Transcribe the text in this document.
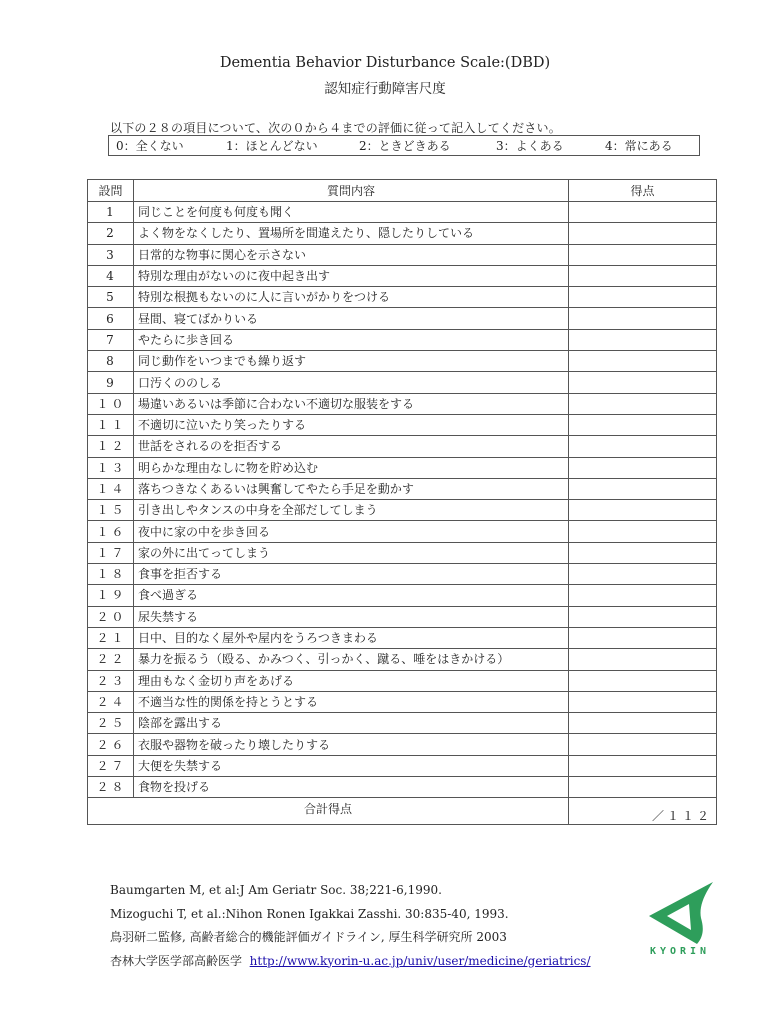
Dementia Behavior Disturbance Scale:(DBD)
認知症行動障害尺度
以下の２８の項目について、次の０から４までの評価に従って記入してください。
0：全くない	1：ほとんどない	2：ときどきある	3：よくある	4：常にある
設問	質問内容	得点
1	同じことを何度も何度も聞く	
2	よく物をなくしたり、置場所を間違えたり、隠したりしている	
3	日常的な物事に関心を示さない	
4	特別な理由がないのに夜中起き出す	
5	特別な根拠もないのに人に言いがかりをつける	
6	昼間、寝てばかりいる	
7	やたらに歩き回る	
8	同じ動作をいつまでも繰り返す	
9	口汚くののしる	
１０	場違いあるいは季節に合わない不適切な服装をする	
１１	不適切に泣いたり笑ったりする	
１２	世話をされるのを拒否する	
１３	明らかな理由なしに物を貯め込む	
１４	落ちつきなくあるいは興奮してやたら手足を動かす	
１５	引き出しやタンスの中身を全部だしてしまう	
１６	夜中に家の中を歩き回る	
１７	家の外に出てってしまう	
１８	食事を拒否する	
１９	食べ過ぎる	
２０	尿失禁する	
２１	日中、目的なく屋外や屋内をうろつきまわる	
２２	暴力を振るう（殴る、かみつく、引っかく、蹴る、唾をはきかける）	
２３	理由もなく金切り声をあげる	
２４	不適当な性的関係を持とうとする	
２５	陰部を露出する	
２６	衣服や器物を破ったり壊したりする	
２７	大便を失禁する	
２８	食物を投げる	
合計得点		／１１２
Baumgarten M, et al:J Am Geriatr Soc. 38;221-6,1990.
Mizoguchi T, et al.:Nihon Ronen Igakkai Zasshi. 30:835-40, 1993.
鳥羽研二監修, 高齢者総合的機能評価ガイドライン, 厚生科学研究所 2003
杏林大学医学部高齢医学 http://www.kyorin-u.ac.jp/univ/user/medicine/geriatrics/
KYORIN
